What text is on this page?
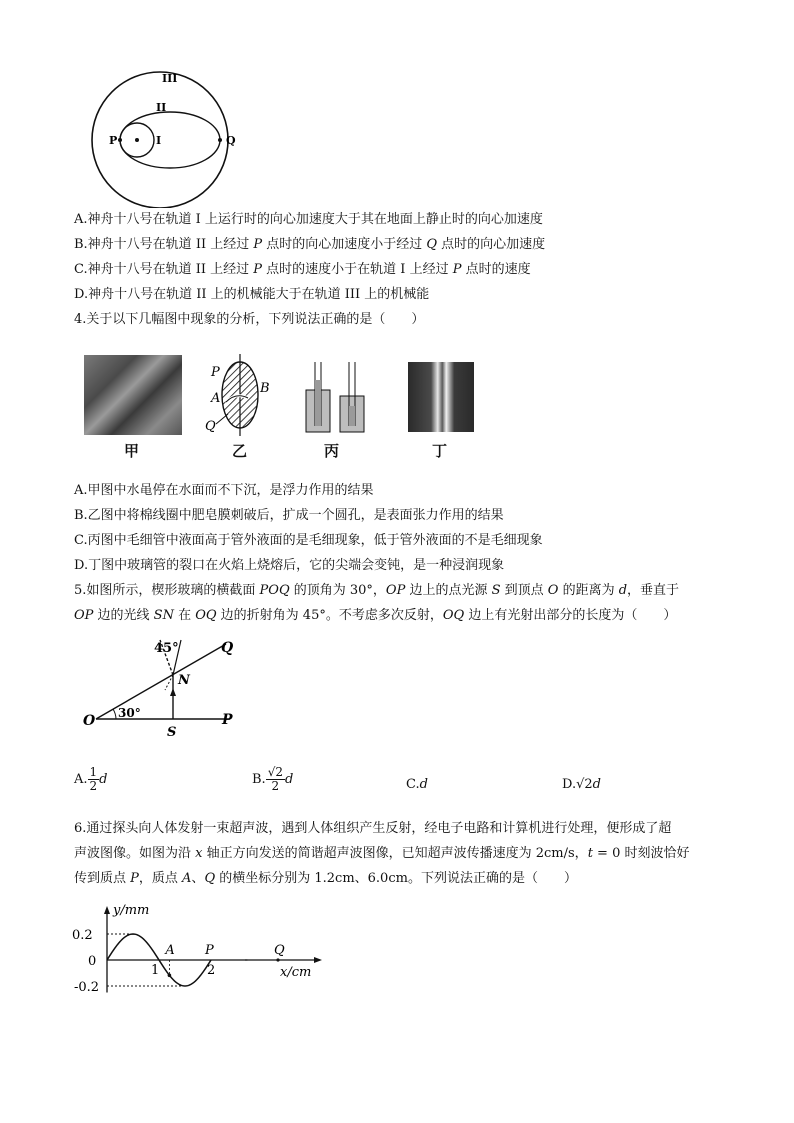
III
II
I
P	Q
A.神舟十八号在轨道 I 上运行时的向心加速度大于其在地面上静止时的向心加速度
B.神舟十八号在轨道 II 上经过 P 点时的向心加速度小于经过 Q 点时的向心加速度
C.神舟十八号在轨道 II 上经过 P 点时的速度小于在轨道 I 上经过 P 点时的速度
D.神舟十八号在轨道 II 上的机械能大于在轨道 III 上的机械能
4.关于以下几幅图中现象的分析，下列说法正确的是（　　）
P
B
A
Q
甲	乙	丙	丁
A.甲图中水黾停在水面而不下沉，是浮力作用的结果
B.乙图中将棉线圈中肥皂膜刺破后，扩成一个圆孔，是表面张力作用的结果
C.丙图中毛细管中液面高于管外液面的是毛细现象，低于管外液面的不是毛细现象
D.丁图中玻璃管的裂口在火焰上烧熔后，它的尖端会变钝，是一种浸润现象
5.如图所示，楔形玻璃的横截面 POQ 的顶角为 30°，OP 边上的点光源 S 到顶点 O 的距离为 d，垂直于
OP 边的光线 SN 在 OQ 边的折射角为 45°。不考虑多次反射，OQ 边上有光射出部分的长度为（　　）
45°
30°
O	P
Q
N
S
A. $\frac{1}{2}$ d	B. $\frac{√2}{2}$ d	C.d	D.√2d
6.通过探头向人体发射一束超声波，遇到人体组织产生反射，经电子电路和计算机进行处理，便形成了超
声波图像。如图为沿 x 轴正方向发送的简谐超声波图像，已知超声波传播速度为 2cm/s，t = 0 时刻波恰好
传到质点 P，质点 A、Q 的横坐标分别为 1.2cm、6.0cm。下列说法正确的是（　　）
y/mm
0.2
0
-0.2
1	2
A P	Q
x/cm
